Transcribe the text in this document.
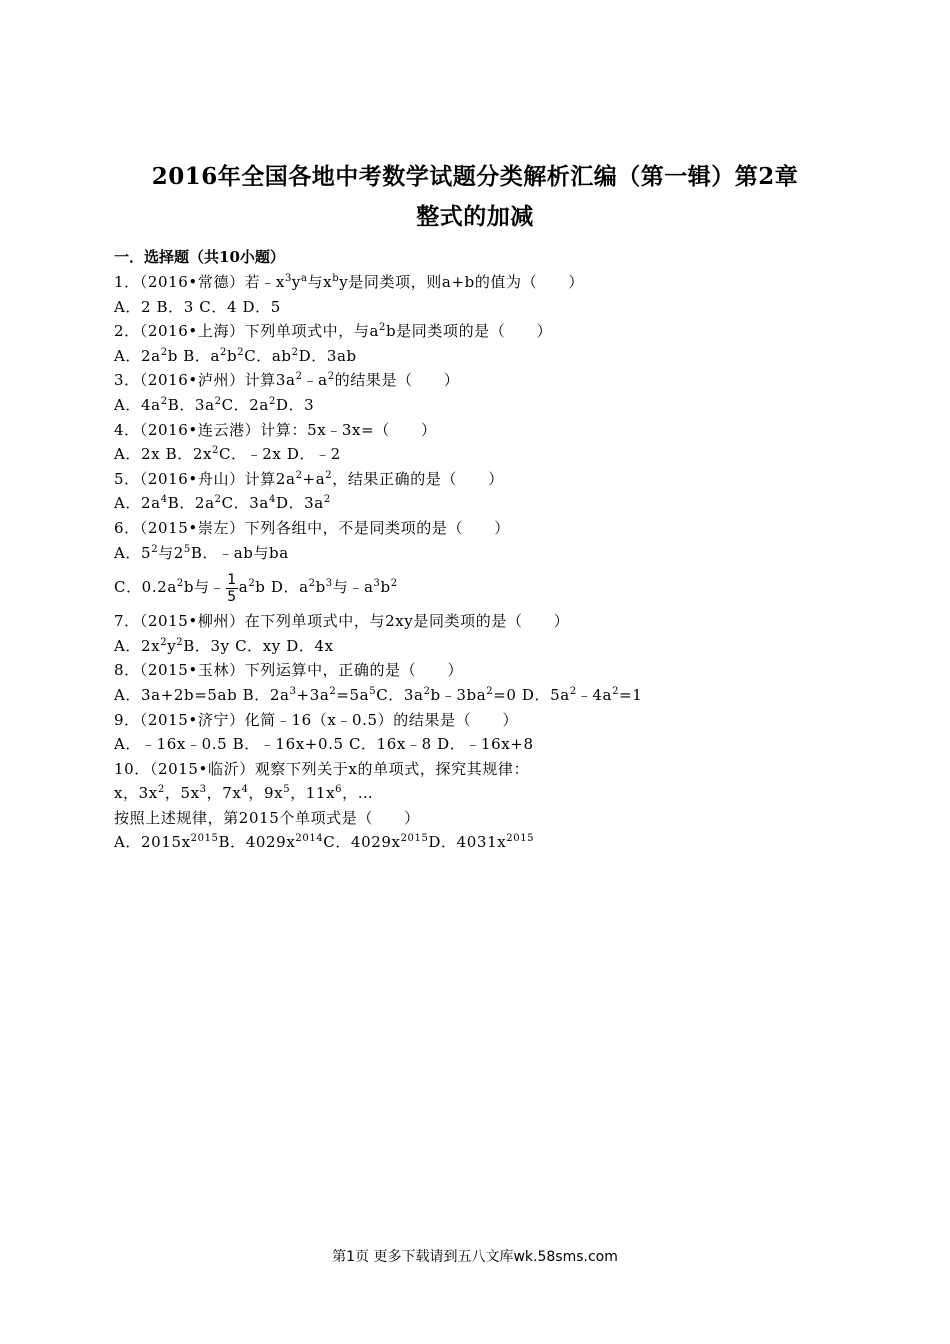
2016年全国各地中考数学试题分类解析汇编（第一辑）第2章
整式的加减
一．选择题（共10小题）
1．（2016•常德）若$﹣x^3y^a$与$x^by$是同类项，则a+b的值为（　　）
A．2 B．3 C．4 D．5
2．（2016•上海）下列单项式中，与$a^2b$是同类项的是（　　）
A．$2a^2b$ B．$a^2b^2C$．$ab^2D$．3ab
3．（2016•泸州）计算$3a^2﹣a^2$的结果是（　　）
A．$4a^2B$．$3a^2C$．$2a^2D$．3
4．（2016•连云港）计算：5x﹣3x=（　　）
A．2x B．$2x^2C$．﹣2x D．﹣2
5．（2016•舟山）计算$2a^2+a^2$，结果正确的是（　　）
A．$2a^4B$．$2a^2C$．$3a^4D$．$3a^2$
6．（2015•崇左）下列各组中，不是同类项的是（　　）
A．$5^2$与$2^5B$．﹣ab与ba
C．$0.2a^2b$与﹣ $\frac{1}{5} a^2b$ D．$a^2b^3$与$﹣a^3b^2$
7．（2015•柳州）在下列单项式中，与2xy是同类项的是（　　）
A．$2x^2y^2B$．3y C．xy D．4x
8．（2015•玉林）下列运算中，正确的是（　　）
A．3a+2b=5ab B．$2a^3+3a^2=5a^5C$．$3a^2b﹣3ba^2=0$ D．$5a^2﹣4a^2=1$
9．（2015•济宁）化简﹣16（x﹣0.5）的结果是（　　）
A．﹣16x﹣0.5 B．﹣16x+0.5 C．16x﹣8 D．﹣16x+8
10．（2015•临沂）观察下列关于x的单项式，探究其规律：
x，$3x^2$，$5x^3$，$7x^4$，$9x^5$，$11x^6$，…
按照上述规律，第2015个单项式是（　　）
A．$2015x^{2015}B$．$4029x^{2014}C$．$4029x^{2015}D$．$4031x^{2015}$
第1页 更多下载请到五八文库wk.58sms.com
